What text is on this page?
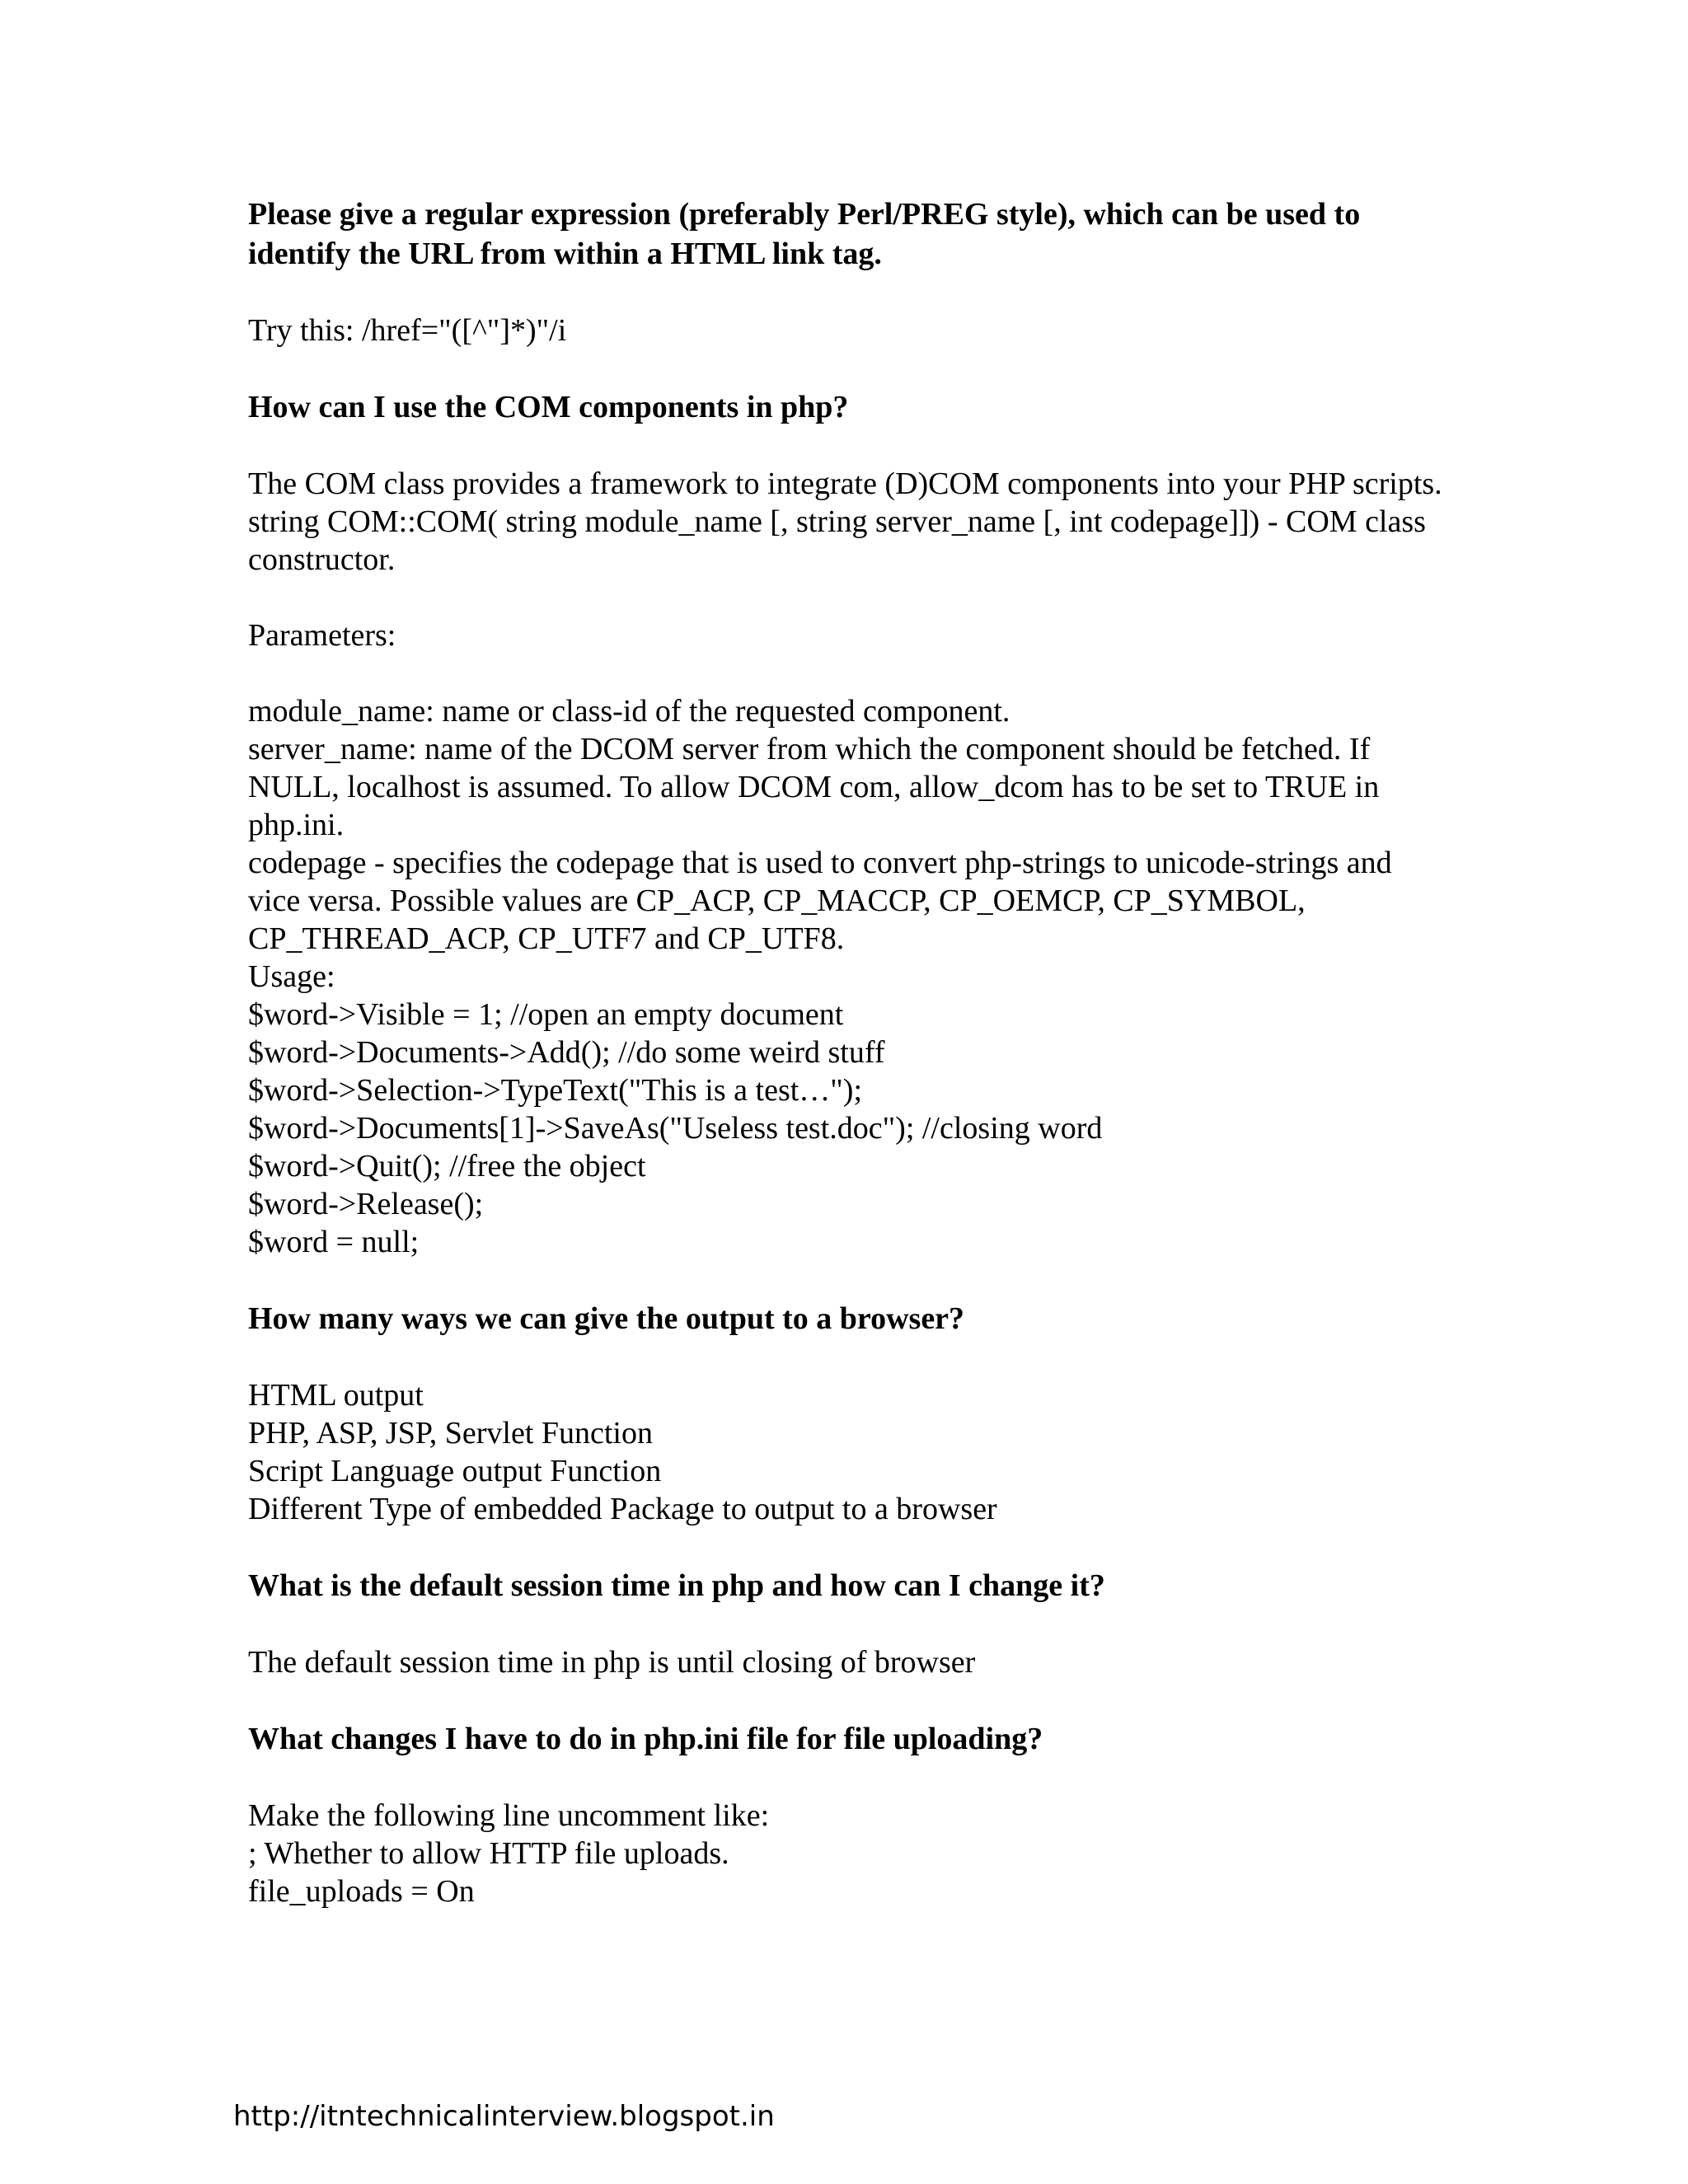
Please give a regular expression (preferably Perl/PREG style), which can be used to identify the URL from within a HTML link tag.

Try this: /href="([^"]*)"/i

How can I use the COM components in php?

The COM class provides a framework to integrate (D)COM components into your PHP scripts.
string COM::COM( string module_name [, string server_name [, int codepage]]) - COM class constructor.

Parameters:

module_name: name or class-id of the requested component.
server_name: name of the DCOM server from which the component should be fetched. If NULL, localhost is assumed. To allow DCOM com, allow_dcom has to be set to TRUE in php.ini.
codepage - specifies the codepage that is used to convert php-strings to unicode-strings and vice versa. Possible values are CP_ACP, CP_MACCP, CP_OEMCP, CP_SYMBOL, CP_THREAD_ACP, CP_UTF7 and CP_UTF8.
Usage:
$word->Visible = 1; //open an empty document
$word->Documents->Add(); //do some weird stuff
$word->Selection->TypeText("This is a test…");
$word->Documents[1]->SaveAs("Useless test.doc"); //closing word
$word->Quit(); //free the object
$word->Release();
$word = null;

How many ways we can give the output to a browser?

HTML output
PHP, ASP, JSP, Servlet Function
Script Language output Function
Different Type of embedded Package to output to a browser

What is the default session time in php and how can I change it?

The default session time in php is until closing of browser

What changes I have to do in php.ini file for file uploading?

Make the following line uncomment like:
; Whether to allow HTTP file uploads.
file_uploads = On

http://itntechnicalinterview.blogspot.in
